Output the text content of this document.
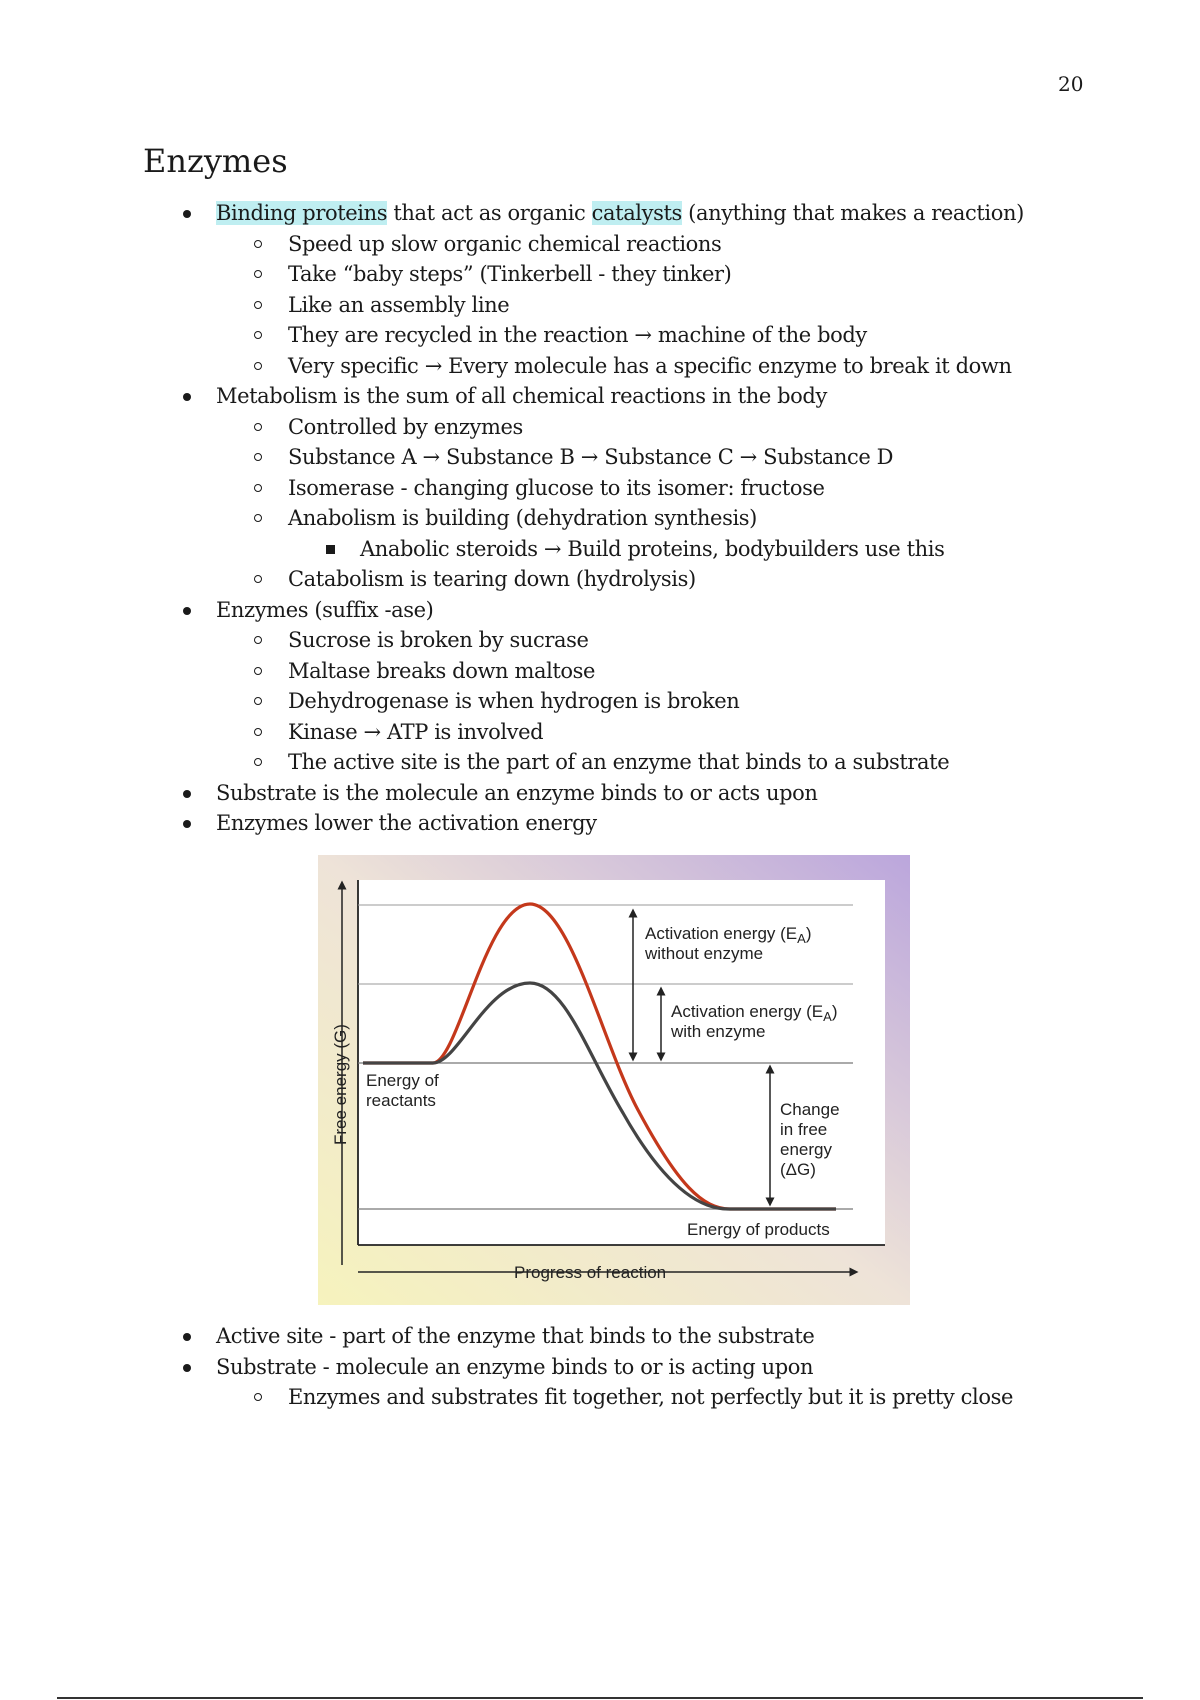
20
Enzymes
Binding proteins that act as organic catalysts (anything that makes a reaction)
Speed up slow organic chemical reactions
Take “baby steps” (Tinkerbell - they tinker)
Like an assembly line
They are recycled in the reaction → machine of the body
Very specific → Every molecule has a specific enzyme to break it down
Metabolism is the sum of all chemical reactions in the body
Controlled by enzymes
Substance A → Substance B → Substance C → Substance D
Isomerase - changing glucose to its isomer: fructose
Anabolism is building (dehydration synthesis)
Anabolic steroids → Build proteins, bodybuilders use this
Catabolism is tearing down (hydrolysis)
Enzymes (suffix -ase)
Sucrose is broken by sucrase
Maltase breaks down maltose
Dehydrogenase is when hydrogen is broken
Kinase → ATP is involved
The active site is the part of an enzyme that binds to a substrate
Substrate is the molecule an enzyme binds to or acts upon
Enzymes lower the activation energy
Activation energy $(E_A)$
without enzyme
Activation energy $(E_A)$
with enzyme
Energy of
reactants	Change
in free
energy
(ΔG)
Energy of products
Progress of reaction
Free energy (G)
Active site - part of the enzyme that binds to the substrate
Substrate - molecule an enzyme binds to or is acting upon
Enzymes and substrates fit together, not perfectly but it is pretty close
